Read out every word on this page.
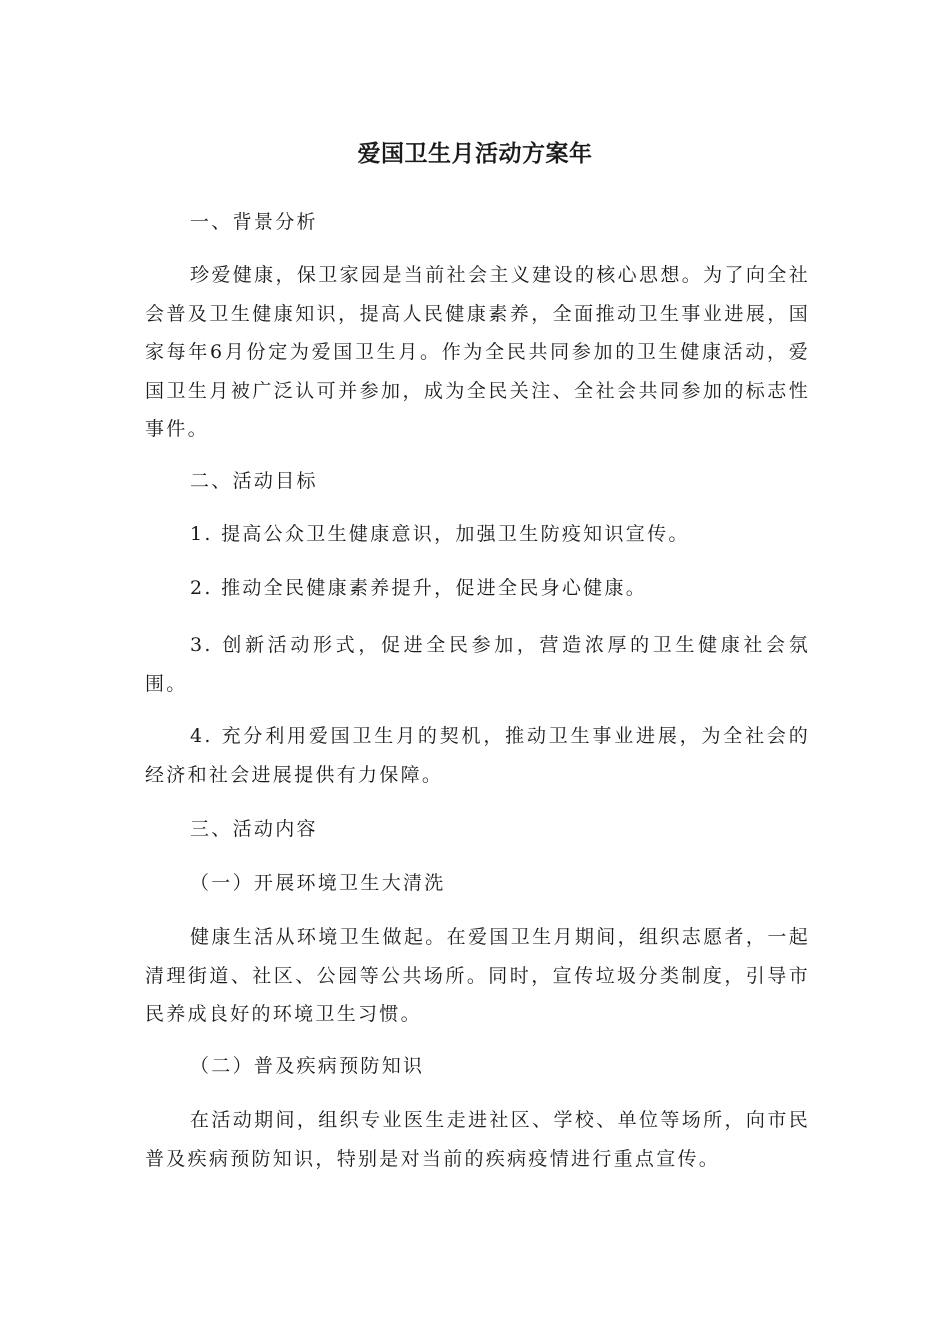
爱国卫生月活动方案年
一、背景分析
珍爱健康，保卫家园是当前社会主义建设的核心思想。为了向全社会普及卫生健康知识，提高人民健康素养，全面推动卫生事业进展，国家每年6月份定为爱国卫生月。作为全民共同参加的卫生健康活动，爱国卫生月被广泛认可并参加，成为全民关注、全社会共同参加的标志性事件。
二、活动目标
1. 提高公众卫生健康意识，加强卫生防疫知识宣传。
2. 推动全民健康素养提升，促进全民身心健康。
3. 创新活动形式，促进全民参加，营造浓厚的卫生健康社会氛围。
4. 充分利用爱国卫生月的契机，推动卫生事业进展，为全社会的经济和社会进展提供有力保障。
三、活动内容
（一）开展环境卫生大清洗
健康生活从环境卫生做起。在爱国卫生月期间，组织志愿者，一起清理街道、社区、公园等公共场所。同时，宣传垃圾分类制度，引导市民养成良好的环境卫生习惯。
（二）普及疾病预防知识
在活动期间，组织专业医生走进社区、学校、单位等场所，向市民普及疾病预防知识，特别是对当前的疾病疫情进行重点宣传。
